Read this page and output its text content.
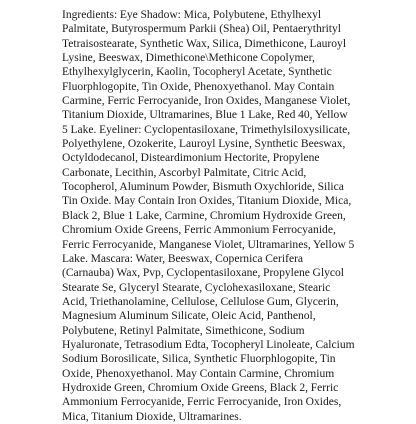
Ingredients: Eye Shadow: Mica, Polybutene, Ethylhexyl Palmitate, Butyrospermum Parkii (Shea) Oil, Pentaerythrityl Tetraisostearate, Synthetic Wax, Silica, Dimethicone, Lauroyl Lysine, Beeswax, Dimethicone\Methicone Copolymer, Ethylhexylglycerin, Kaolin, Tocopheryl Acetate, Synthetic Fluorphlogopite, Tin Oxide, Phenoxyethanol. May Contain Carmine, Ferric Ferrocyanide, Iron Oxides, Manganese Violet, Titanium Dioxide, Ultramarines, Blue 1 Lake, Red 40, Yellow 5 Lake. Eyeliner: Cyclopentasiloxane, Trimethylsiloxysilicate, Polyethylene, Ozokerite, Lauroyl Lysine, Synthetic Beeswax, Octyldodecanol, Disteardimonium Hectorite, Propylene Carbonate, Lecithin, Ascorbyl Palmitate, Citric Acid, Tocopherol, Aluminum Powder, Bismuth Oxychloride, Silica Tin Oxide. May Contain Iron Oxides, Titanium Dioxide, Mica, Black 2, Blue 1 Lake, Carmine, Chromium Hydroxide Green, Chromium Oxide Greens, Ferric Ammonium Ferrocyanide, Ferric Ferrocyanide, Manganese Violet, Ultramarines, Yellow 5 Lake. Mascara: Water, Beeswax, Copernica Cerifera (Carnauba) Wax, Pvp, Cyclopentasiloxane, Propylene Glycol Stearate Se, Glyceryl Stearate, Cyclohexasiloxane, Stearic Acid, Triethanolamine, Cellulose, Cellulose Gum, Glycerin, Magnesium Aluminum Silicate, Oleic Acid, Panthenol, Polybutene, Retinyl Palmitate, Simethicone, Sodium Hyaluronate, Tetrasodium Edta, Tocopheryl Linoleate, Calcium Sodium Borosilicate, Silica, Synthetic Fluorphlogopite, Tin Oxide, Phenoxyethanol. May Contain Carmine, Chromium Hydroxide Green, Chromium Oxide Greens, Black 2, Ferric Ammonium Ferrocyanide, Ferric Ferrocyanide, Iron Oxides, Mica, Titanium Dioxide, Ultramarines.
